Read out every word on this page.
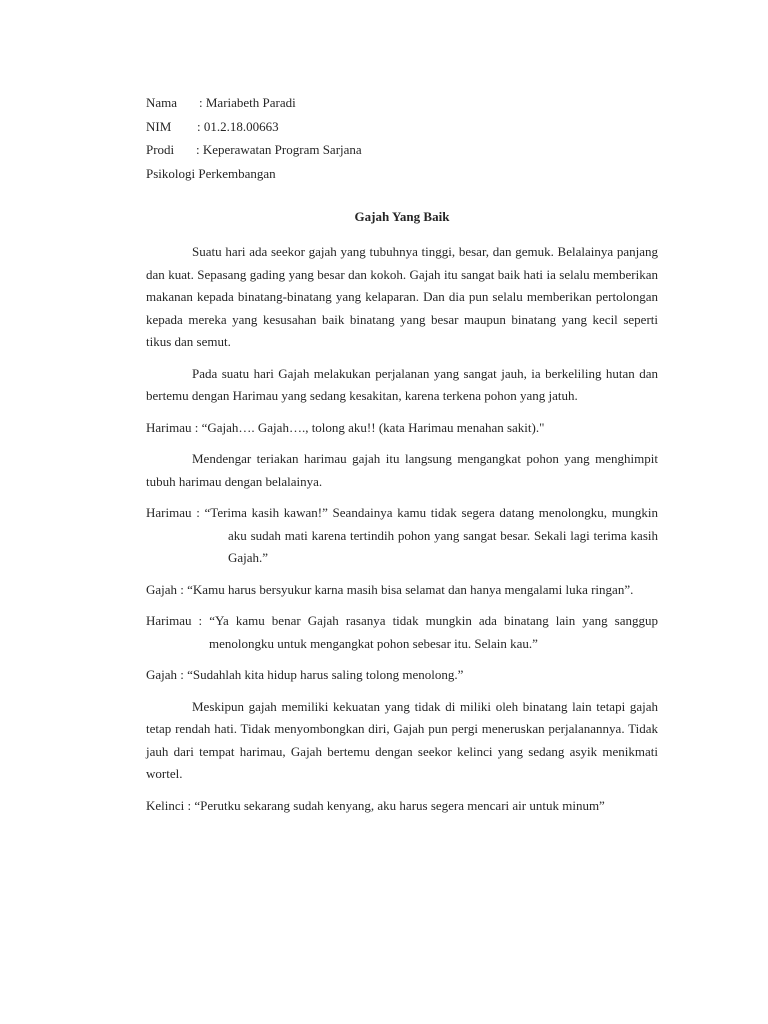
Nama : Mariabeth Paradi
NIM : 01.2.18.00663
Prodi : Keperawatan Program Sarjana
Psikologi Perkembangan
Gajah Yang Baik

Suatu hari ada seekor gajah yang tubuhnya tinggi, besar, dan gemuk. Belalainya panjang dan kuat. Sepasang gading yang besar dan kokoh. Gajah itu sangat baik hati ia selalu memberikan makanan kepada binatang-binatang yang kelaparan. Dan dia pun selalu memberikan pertolongan kepada mereka yang kesusahan baik binatang yang besar maupun binatang yang kecil seperti tikus dan semut.

Pada suatu hari Gajah melakukan perjalanan yang sangat jauh, ia berkeliling hutan dan bertemu dengan Harimau yang sedang kesakitan, karena terkena pohon yang jatuh.

Harimau : “Gajah…. Gajah…., tolong aku!! (kata Harimau menahan sakit)."

Mendengar teriakan harimau gajah itu langsung mengangkat pohon yang menghimpit tubuh harimau dengan belalainya.

Harimau : “Terima kasih kawan!” Seandainya kamu tidak segera datang menolongku, mungkin aku sudah mati karena tertindih pohon yang sangat besar. Sekali lagi terima kasih Gajah.”

Gajah : “Kamu harus bersyukur karna masih bisa selamat dan hanya mengalami luka ringan”.

Harimau : “Ya kamu benar Gajah rasanya tidak mungkin ada binatang lain yang sanggup menolongku untuk mengangkat pohon sebesar itu. Selain kau.”

Gajah : “Sudahlah kita hidup harus saling tolong menolong.”

Meskipun gajah memiliki kekuatan yang tidak di miliki oleh binatang lain tetapi gajah tetap rendah hati. Tidak menyombongkan diri, Gajah pun pergi meneruskan perjalanannya. Tidak jauh dari tempat harimau, Gajah bertemu dengan seekor kelinci yang sedang asyik menikmati wortel.

Kelinci : “Perutku sekarang sudah kenyang, aku harus segera mencari air untuk minum”
